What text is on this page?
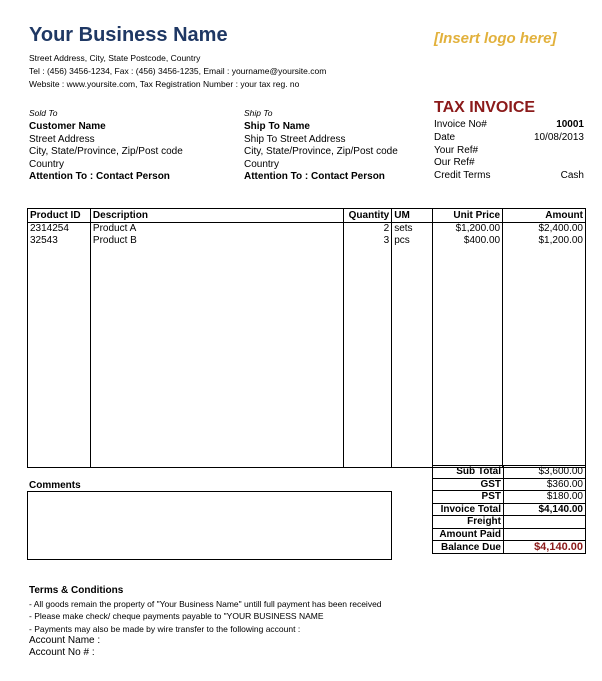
Your Business Name
Street Address, City, State Postcode, Country
Tel : (456) 3456-1234, Fax : (456) 3456-1235, Email : yourname@yoursite.com
Website : www.yoursite.com, Tax Registration Number : your tax reg. no
[Insert logo here]
Sold To
Customer Name
Street Address
City, State/Province, Zip/Post code
Country
Attention To : Contact Person
Ship To
Ship To Name
Ship To Street Address
City, State/Province, Zip/Post code
Country
Attention To : Contact Person
TAX INVOICE
Invoice No#	10001
Date	10/08/2013
Your Ref#
Our Ref#
Credit Terms	Cash
Product ID	Description	Quantity	UM	Unit Price	Amount
2314254	Product A	2	sets	$1,200.00	$2,400.00
32543	Product B	3	pcs	$400.00	$1,200.00

Sub Total	$3,600.00
GST	$360.00
PST	$180.00
Invoice Total	$4,140.00
Freight	
Amount Paid	
Balance Due	$4,140.00
Comments
Terms & Conditions
- All goods remain the property of "Your Business Name" untill full payment has been received
- Please make check/ cheque payments payable to "YOUR BUSINESS NAME
- Payments may also be made by wire transfer to the following account :
Account Name :
Account No # :
